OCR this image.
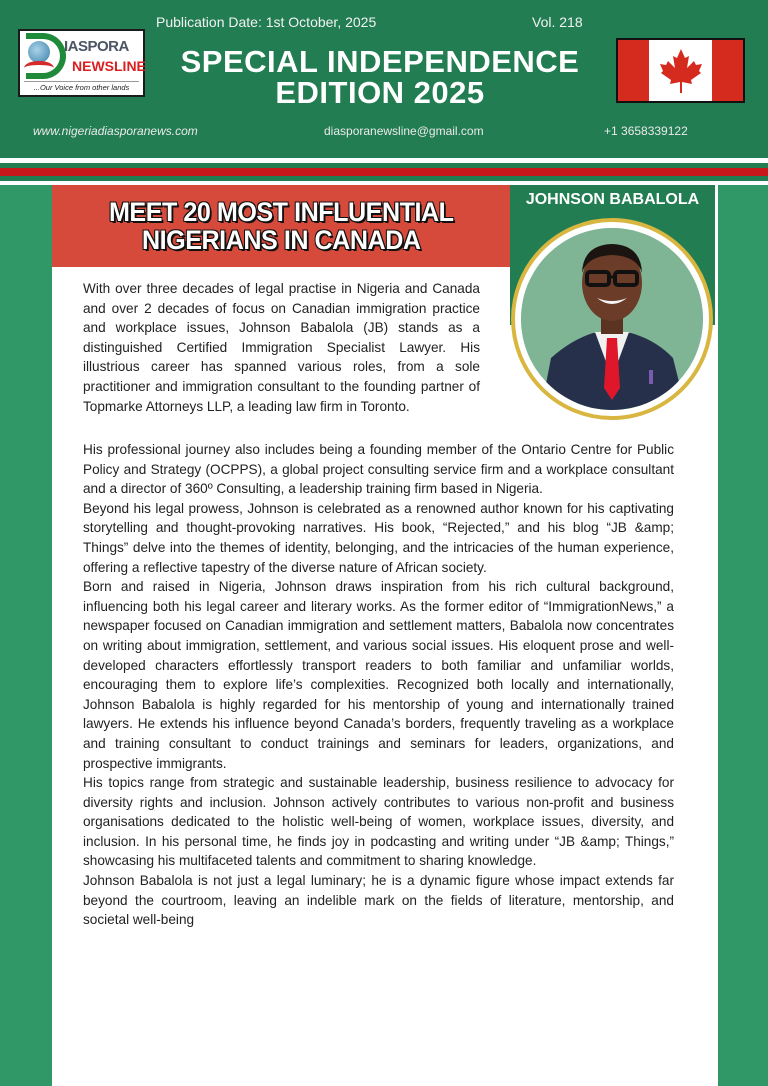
Publication Date: 1st October, 2025	Vol. 218
IASPORA
NEWSLINE
...Our Voice from other lands
SPECIAL INDEPENDENCE
EDITION 2025
www.nigeriadiasporanews.com	diasporanewsline@gmail.com	+1 3658339122
MEET 20 MOST INFLUENTIAL
NIGERIANS IN CANADA
JOHNSON BABALOLA
With over three decades of legal practise in Nigeria and Canada and over 2 decades of focus on Canadian immigration practice and workplace issues, Johnson Babalola (JB) stands as a distinguished Certified Immigration Specialist Lawyer. His illustrious career has spanned various roles, from a sole practitioner and immigration consultant to the founding partner of Topmarke Attorneys LLP, a leading law firm in Toronto.

His professional journey also includes being a founding member of the Ontario Centre for Public Policy and Strategy (OCPPS), a global project consulting service firm and a workplace consultant and a director of 360º Consulting, a leadership training firm based in Nigeria.

Beyond his legal prowess, Johnson is celebrated as a renowned author known for his captivating storytelling and thought-provoking narratives. His book, “Rejected,” and his blog “JB &amp; Things” delve into the themes of identity, belonging, and the intricacies of the human experience, offering a reflective tapestry of the diverse nature of African society.

Born and raised in Nigeria, Johnson draws inspiration from his rich cultural background, influencing both his legal career and literary works. As the former editor of “ImmigrationNews,” a newspaper focused on Canadian immigration and settlement matters, Babalola now concentrates on writing about immigration, settlement, and various social issues. His eloquent prose and well-developed characters effortlessly transport readers to both familiar and unfamiliar worlds, encouraging them to explore life’s complexities. Recognized both locally and internationally, Johnson Babalola is highly regarded for his mentorship of young and internationally trained lawyers. He extends his influence beyond Canada’s borders, frequently traveling as a workplace and training consultant to conduct trainings and seminars for leaders, organizations, and prospective immigrants.

His topics range from strategic and sustainable leadership, business resilience to advocacy for diversity rights and inclusion. Johnson actively contributes to various non-profit and business organisations dedicated to the holistic well-being of women, workplace issues, diversity, and inclusion. In his personal time, he finds joy in podcasting and writing under “JB &amp; Things,” showcasing his multifaceted talents and commitment to sharing knowledge.

Johnson Babalola is not just a legal luminary; he is a dynamic figure whose impact extends far beyond the courtroom, leaving an indelible mark on the fields of literature, mentorship, and societal well-being
